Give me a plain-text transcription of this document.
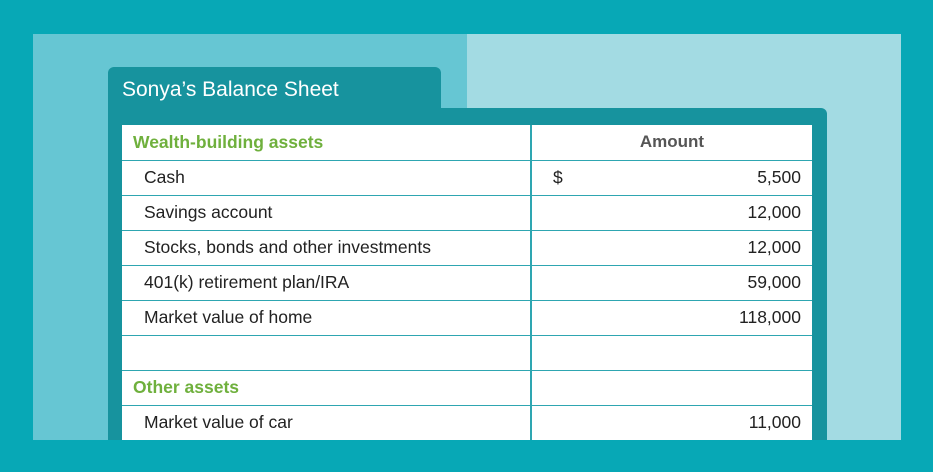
Sonya’s Balance Sheet
Wealth-building assets	Amount
Cash	$ 5,500
Savings account	12,000
Stocks, bonds and other investments	12,000
401(k) retirement plan/IRA	59,000
Market value of home	118,000

Other assets	
Market value of car	11,000
